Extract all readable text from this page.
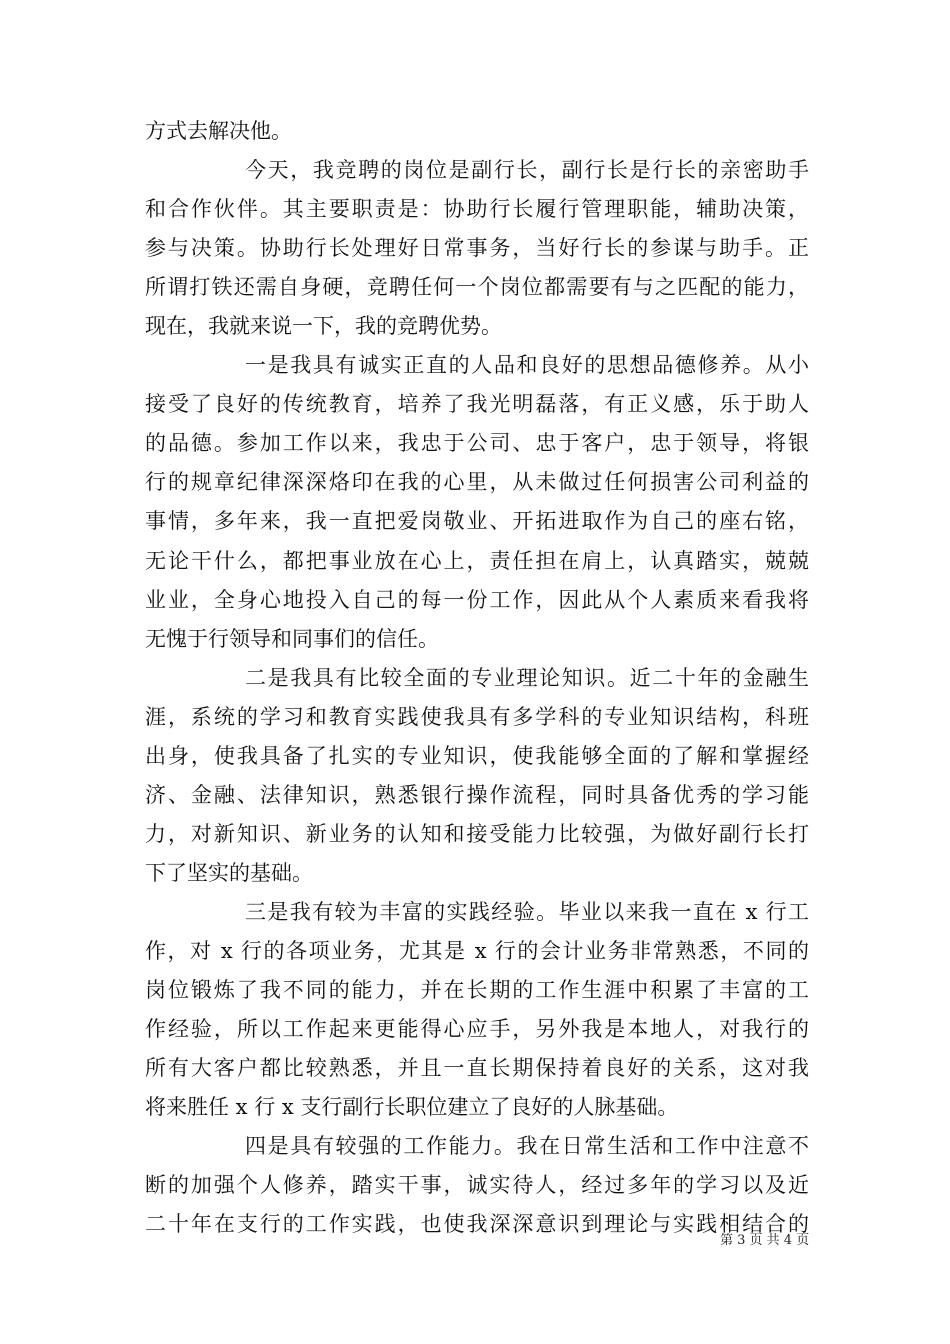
方式去解决他。
今天，我竞聘的岗位是副行长，副行长是行长的亲密助手
和合作伙伴。其主要职责是：协助行长履行管理职能，辅助决策，
参与决策。协助行长处理好日常事务，当好行长的参谋与助手。正
所谓打铁还需自身硬，竞聘任何一个岗位都需要有与之匹配的能力，
现在，我就来说一下，我的竞聘优势。
一是我具有诚实正直的人品和良好的思想品德修养。从小
接受了良好的传统教育，培养了我光明磊落，有正义感，乐于助人
的品德。参加工作以来，我忠于公司、忠于客户，忠于领导，将银
行的规章纪律深深烙印在我的心里，从未做过任何损害公司利益的
事情，多年来，我一直把爱岗敬业、开拓进取作为自己的座右铭，
无论干什么，都把事业放在心上，责任担在肩上，认真踏实，兢兢
业业，全身心地投入自己的每一份工作，因此从个人素质来看我将
无愧于行领导和同事们的信任。
二是我具有比较全面的专业理论知识。近二十年的金融生
涯，系统的学习和教育实践使我具有多学科的专业知识结构，科班
出身，使我具备了扎实的专业知识，使我能够全面的了解和掌握经
济、金融、法律知识，熟悉银行操作流程，同时具备优秀的学习能
力，对新知识、新业务的认知和接受能力比较强，为做好副行长打
下了坚实的基础。
三是我有较为丰富的实践经验。毕业以来我一直在 x 行工
作，对 x 行的各项业务，尤其是 x 行的会计业务非常熟悉，不同的
岗位锻炼了我不同的能力，并在长期的工作生涯中积累了丰富的工
作经验，所以工作起来更能得心应手，另外我是本地人，对我行的
所有大客户都比较熟悉，并且一直长期保持着良好的关系，这对我
将来胜任 x 行 x 支行副行长职位建立了良好的人脉基础。
四是具有较强的工作能力。我在日常生活和工作中注意不
断的加强个人修养，踏实干事，诚实待人，经过多年的学习以及近
二十年在支行的工作实践，也使我深深意识到理论与实践相结合的
第 3 页 共 4 页
